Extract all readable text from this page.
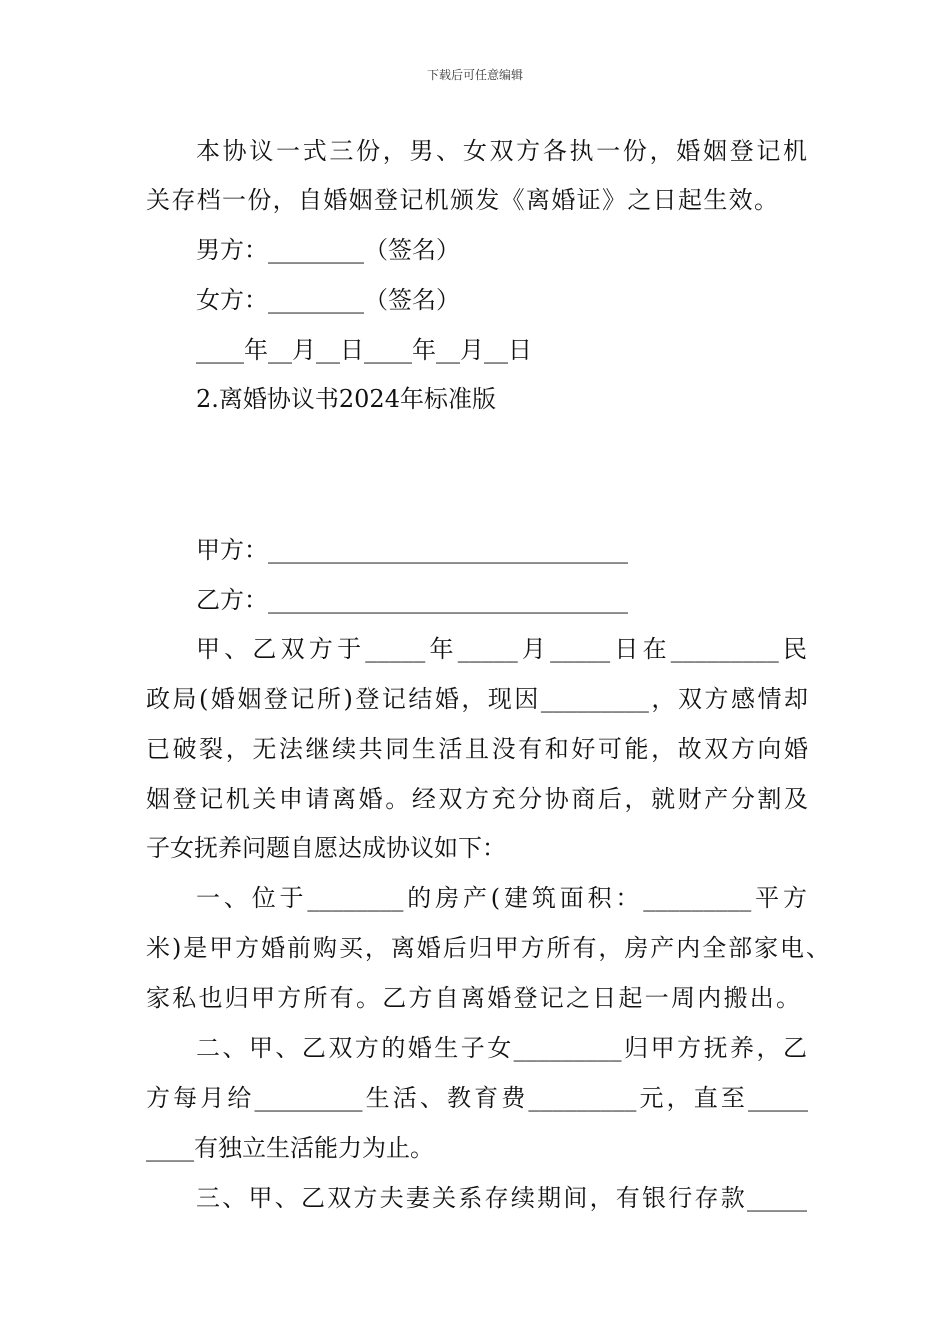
下载后可任意编辑
本协议一式三份，男、女双方各执一份，婚姻登记机
关存档一份，自婚姻登记机颁发《离婚证》之日起生效。
男方：________（签名）
女方：________（签名）
____年__月__日____年__月__日
2.离婚协议书2024年标准版
甲方：______________________________
乙方：______________________________
甲、乙双方于_____年_____月_____日在_________民
政局(婚姻登记所)登记结婚，现因_________，双方感情却
已破裂，无法继续共同生活且没有和好可能，故双方向婚
姻登记机关申请离婚。经双方充分协商后，就财产分割及
子女抚养问题自愿达成协议如下：
一、位于________的房产(建筑面积：_________平方
米)是甲方婚前购买，离婚后归甲方所有，房产内全部家电、
家私也归甲方所有。乙方自离婚登记之日起一周内搬出。
二、甲、乙双方的婚生子女_________归甲方抚养，乙
方每月给_________生活、教育费_________元，直至_____
____有独立生活能力为止。
三、甲、乙双方夫妻关系存续期间，有银行存款_____
